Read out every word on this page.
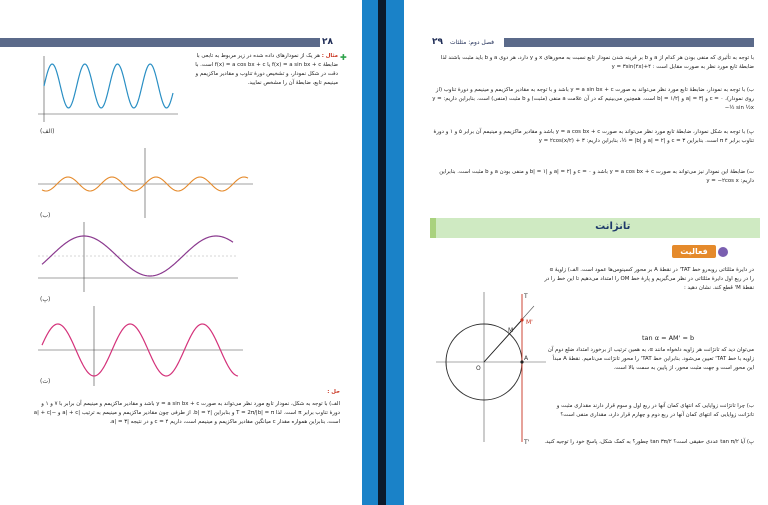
۲۸
مثال : هر یک از نمودارهای داده شده در زیر مربوط به تابعی با ضابطهٔ f(x) = a sin bx + c یا f(x) = a cos bx + c است. با دقت در شکل نمودار، و تشخیص دورهٔ تناوب و مقادیر ماکزیمم و مینیمم تابع، ضابطهٔ آن را مشخص نمایید.
✚
(الف)
(ب)
(پ)
(ت)
حل :
الف) با توجه به شکل، نمودار تابع مورد نظر می‌تواند به صورت y = a sin bx + c باشد و مقادیر ماکزیمم و مینیمم آن برابر با ۷ و ۱ و دورهٔ تناوب برابر π است. لذا T = 2π/|b| = π و بنابراین |b| = ۲. از طرفی چون مقادیر ماکزیمم و مینیمم به ترتیب |a| + c و −|a| + c است، بنابراین همواره مقدار c میانگین مقادیر ماکزیمم و مینیمم است، داریم c = ۴ و در نتیجه |a| = ۳.
۲۹ فصل دوم: مثلثات
با توجه به تأثیری که منفی بودن هر کدام از a و b بر قرینه شدن نمودار تابع نسبت به محورهای x و y دارد، هر دوی a و b باید مثبت باشند لذا ضابطهٔ تابع مورد نظر به صورت مقابل است : y = ۳sin(۲x)+۴
ب) با توجه به نمودار، ضابطهٔ تابع مورد نظر می‌تواند به صورت y = a sin bx + c باشد و با توجه به مقادیر ماکزیمم و مینیمم و دورهٔ تناوب (از روی نمودار)، c = ۰ و |a| = ۳ و |b| = ۱/۲ است. همچنین می‌بینیم که در آن علامت a منفی (مثبت) و b مثبت (منفی) است. بنابراین داریم: y = −½ sin ½x
پ) با توجه به شکل نمودار، ضابطهٔ تابع مورد نظر می‌تواند به صورت y = a cos bx + c باشد و مقادیر ماکزیمم و مینیمم آن برابر ۵ و ۱ و دورهٔ تناوب برابر π ۴ است. بنابراین c = ۳ و |a| = ۲ و |b| = ½، بنابراین داریم: y = ۲cos(x/۲) + ۳
ت) ضابطهٔ این نمودار نیز می‌تواند به صورت y = a cos bx + c باشد و c = ۰ و |a| = ۲ و |b| = ۱ و منفی بودن a و b مثبت است. بنابراین داریم: y = −۲cos x
تانژانت
فعالیت
در دایرهٔ مثلثاتی روبه‌رو خط TAT' در نقطهٔ A بر محور کسینوس‌ها عمود است. الف) زاویهٔ α را در ربع اول دایرهٔ مثلثاتی در نظر می‌گیریم و پارهٔ خط OM را امتداد می‌دهیم تا این خط را در نقطهٔ M' قطع کند. نشان دهید :
tan α = AM' = b
می‌توان دید که تانژانت هر زاویه دلخواه مانند α، به همین ترتیب از برخورد امتداد ضلع دوم آن زاویه با خط TAT' تعیین می‌شود. بنابراین خط TAT' را محور تانژانت می‌نامیم. نقطهٔ A مبدأ این محور است و جهت مثبت محور، از پایین به سمت بالا است.
ب) چرا تانژانت زوایایی که انتهای کمان آنها در ربع اول و سوم قرار دارند مقداری مثبت و تانژانت زوایایی که انتهای کمان آنها در ربع دوم و چهارم قرار دارد، مقداری منفی است؟
پ) آیا tan π/۲ عددی حقیقی است؟ tan ۳π/۲ چطور؟ به کمک شکل، پاسخ خود را توجیه کنید.
T
T'
A
M'
M
O
